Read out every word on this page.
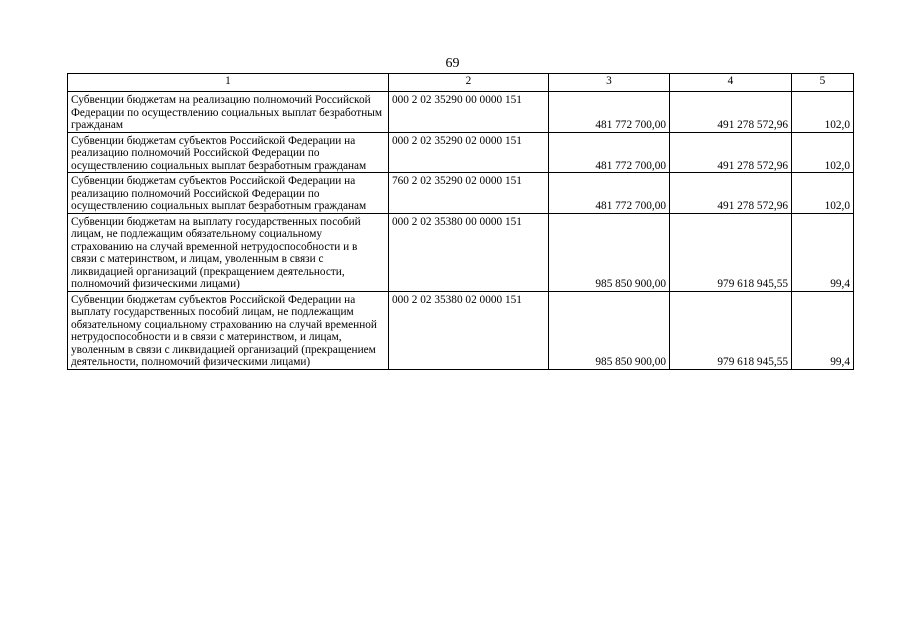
69
1	2	3	4	5
Субвенции бюджетам на реализацию полномочий Российской Федерации по осуществлению социальных выплат безработным гражданам	000 2 02 35290 00 0000 151	481 772 700,00	491 278 572,96	102,0
Субвенции бюджетам субъектов Российской Федерации на реализацию полномочий Российской Федерации по осуществлению социальных выплат безработным гражданам	000 2 02 35290 02 0000 151	481 772 700,00	491 278 572,96	102,0
Субвенции бюджетам субъектов Российской Федерации на реализацию полномочий Российской Федерации по осуществлению социальных выплат безработным гражданам	760 2 02 35290 02 0000 151	481 772 700,00	491 278 572,96	102,0
Субвенции бюджетам на выплату государственных пособий лицам, не подлежащим обязательному социальному страхованию на случай временной нетрудоспособности и в связи с материнством, и лицам, уволенным в связи с ликвидацией организаций (прекращением деятельности, полномочий физическими лицами)	000 2 02 35380 00 0000 151	985 850 900,00	979 618 945,55	99,4
Субвенции бюджетам субъектов Российской Федерации на выплату государственных пособий лицам, не подлежащим обязательному социальному страхованию на случай временной нетрудоспособности и в связи с материнством, и лицам, уволенным в связи с ликвидацией организаций (прекращением деятельности, полномочий физическими лицами)	000 2 02 35380 02 0000 151	985 850 900,00	979 618 945,55	99,4
